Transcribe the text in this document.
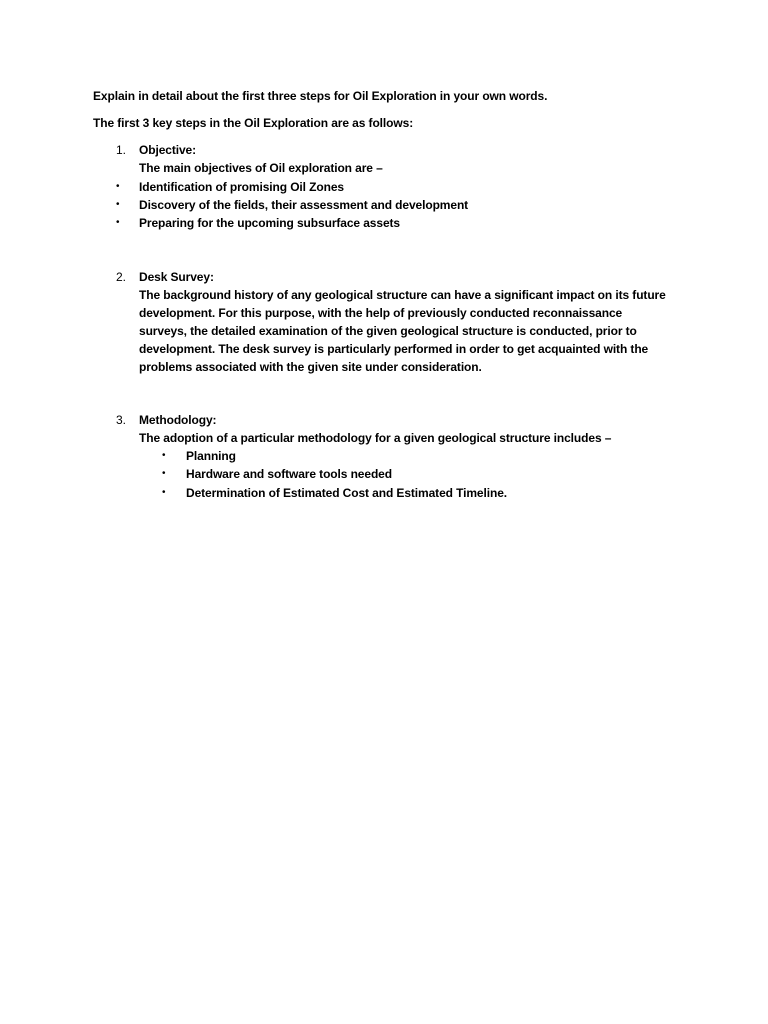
Explain in detail about the first three steps for Oil Exploration in your own words.
The first 3 key steps in the Oil Exploration are as follows:
1. Objective:
The main objectives of Oil exploration are –
• Identification of promising Oil Zones
• Discovery of the fields, their assessment and development
• Preparing for the upcoming subsurface assets
2. Desk Survey:
The background history of any geological structure can have a significant impact on its future
development. For this purpose, with the help of previously conducted reconnaissance
surveys, the detailed examination of the given geological structure is conducted, prior to
development. The desk survey is particularly performed in order to get acquainted with the
problems associated with the given site under consideration.
3. Methodology:
The adoption of a particular methodology for a given geological structure includes –
• Planning
• Hardware and software tools needed
• Determination of Estimated Cost and Estimated Timeline.
